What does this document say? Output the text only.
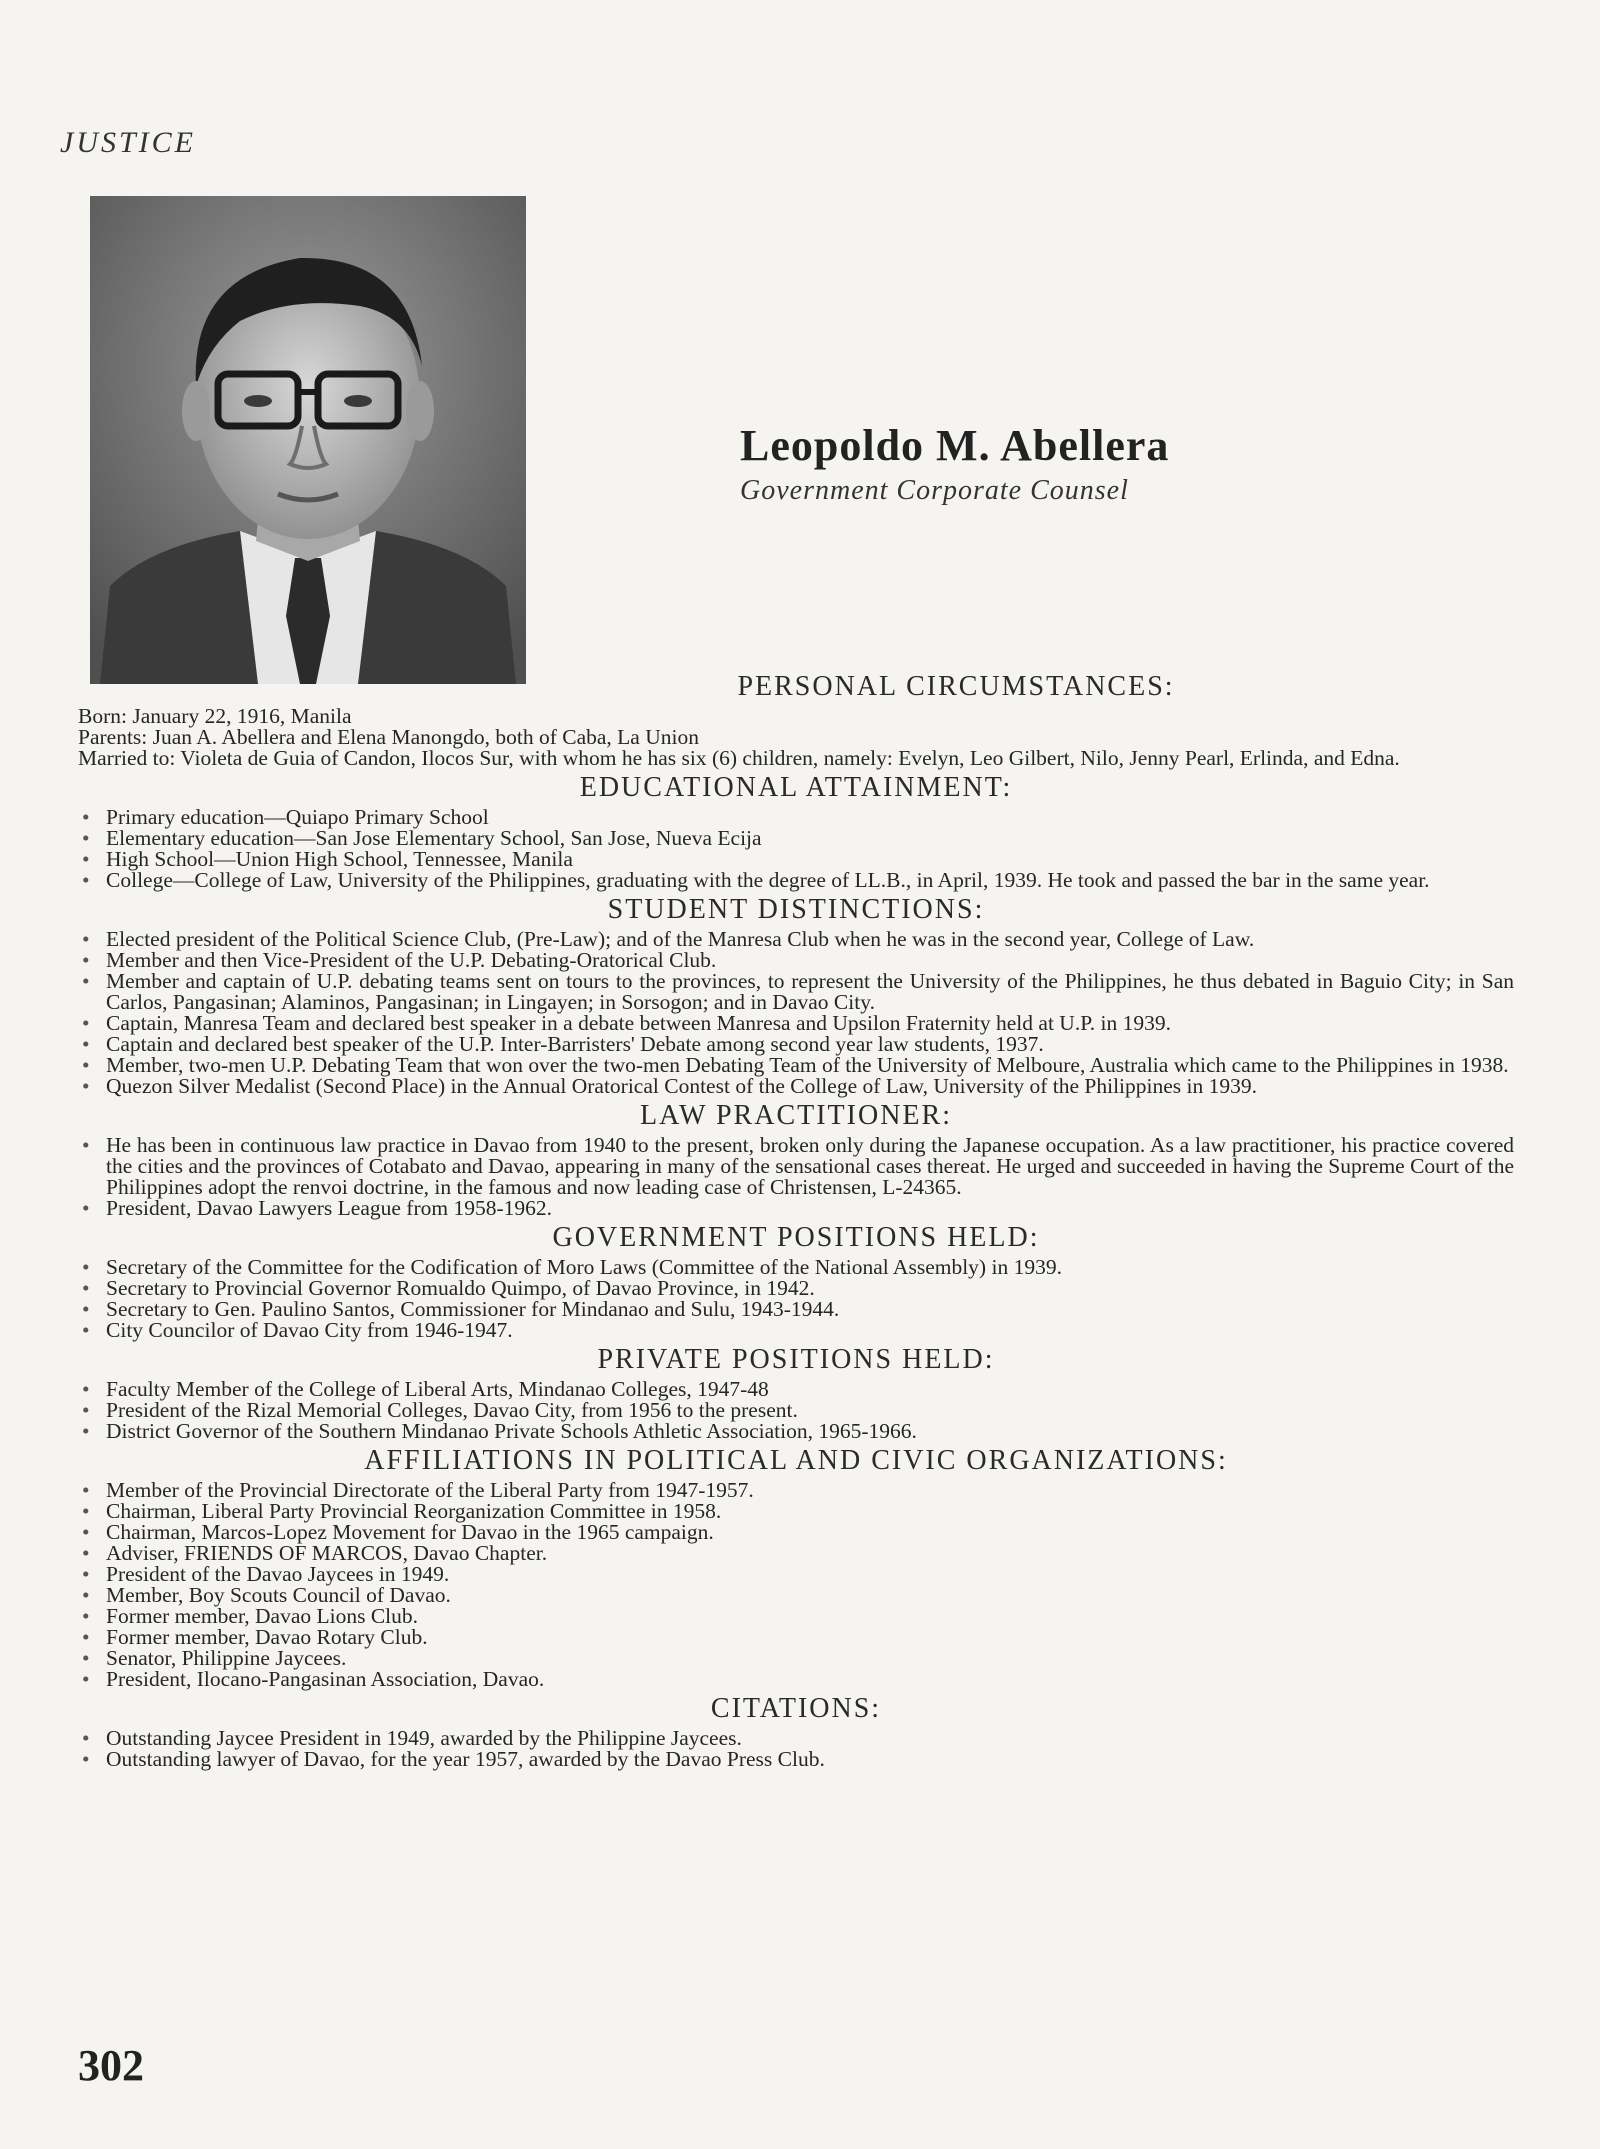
JUSTICE
Leopoldo M. Abellera
Government Corporate Counsel
PERSONAL CIRCUMSTANCES:
Born: January 22, 1916, Manila
Parents: Juan A. Abellera and Elena Manongdo, both of Caba, La Union
Married to: Violeta de Guia of Candon, Ilocos Sur, with whom he has six (6) children, namely: Evelyn, Leo Gilbert, Nilo, Jenny Pearl, Erlinda, and Edna.
EDUCATIONAL ATTAINMENT:
• Primary education—Quiapo Primary School
• Elementary education—San Jose Elementary School, San Jose, Nueva Ecija
• High School—Union High School, Tennessee, Manila
• College—College of Law, University of the Philippines, graduating with the degree of LL.B., in April, 1939. He took and passed the bar in the same year.
STUDENT DISTINCTIONS:
• Elected president of the Political Science Club, (Pre-Law); and of the Manresa Club when he was in the second year, College of Law.
• Member and then Vice-President of the U.P. Debating-Oratorical Club.
• Member and captain of U.P. debating teams sent on tours to the provinces, to represent the University of the Philippines, he thus debated in Baguio City; in San Carlos, Pangasinan; Alaminos, Pangasinan; in Lingayen; in Sorsogon; and in Davao City.
• Captain, Manresa Team and declared best speaker in a debate between Manresa and Upsilon Fraternity held at U.P. in 1939.
• Captain and declared best speaker of the U.P. Inter-Barristers' Debate among second year law students, 1937.
• Member, two-men U.P. Debating Team that won over the two-men Debating Team of the University of Melboure, Australia which came to the Philippines in 1938.
• Quezon Silver Medalist (Second Place) in the Annual Oratorical Contest of the College of Law, University of the Philippines in 1939.
LAW PRACTITIONER:
• He has been in continuous law practice in Davao from 1940 to the present, broken only during the Japanese occupation. As a law practitioner, his practice covered the cities and the provinces of Cotabato and Davao, appearing in many of the sensational cases thereat. He urged and succeeded in having the Supreme Court of the Philippines adopt the renvoi doctrine, in the famous and now leading case of Christensen, L-24365.
• President, Davao Lawyers League from 1958-1962.
GOVERNMENT POSITIONS HELD:
• Secretary of the Committee for the Codification of Moro Laws (Committee of the National Assembly) in 1939.
• Secretary to Provincial Governor Romualdo Quimpo, of Davao Province, in 1942.
• Secretary to Gen. Paulino Santos, Commissioner for Mindanao and Sulu, 1943-1944.
• City Councilor of Davao City from 1946-1947.
PRIVATE POSITIONS HELD:
• Faculty Member of the College of Liberal Arts, Mindanao Colleges, 1947-48
• President of the Rizal Memorial Colleges, Davao City, from 1956 to the present.
• District Governor of the Southern Mindanao Private Schools Athletic Association, 1965-1966.
AFFILIATIONS IN POLITICAL AND CIVIC ORGANIZATIONS:
• Member of the Provincial Directorate of the Liberal Party from 1947-1957.
• Chairman, Liberal Party Provincial Reorganization Committee in 1958.
• Chairman, Marcos-Lopez Movement for Davao in the 1965 campaign.
• Adviser, FRIENDS OF MARCOS, Davao Chapter.
• President of the Davao Jaycees in 1949.
• Member, Boy Scouts Council of Davao.
• Former member, Davao Lions Club.
• Former member, Davao Rotary Club.
• Senator, Philippine Jaycees.
• President, Ilocano-Pangasinan Association, Davao.
CITATIONS:
• Outstanding Jaycee President in 1949, awarded by the Philippine Jaycees.
• Outstanding lawyer of Davao, for the year 1957, awarded by the Davao Press Club.
302
